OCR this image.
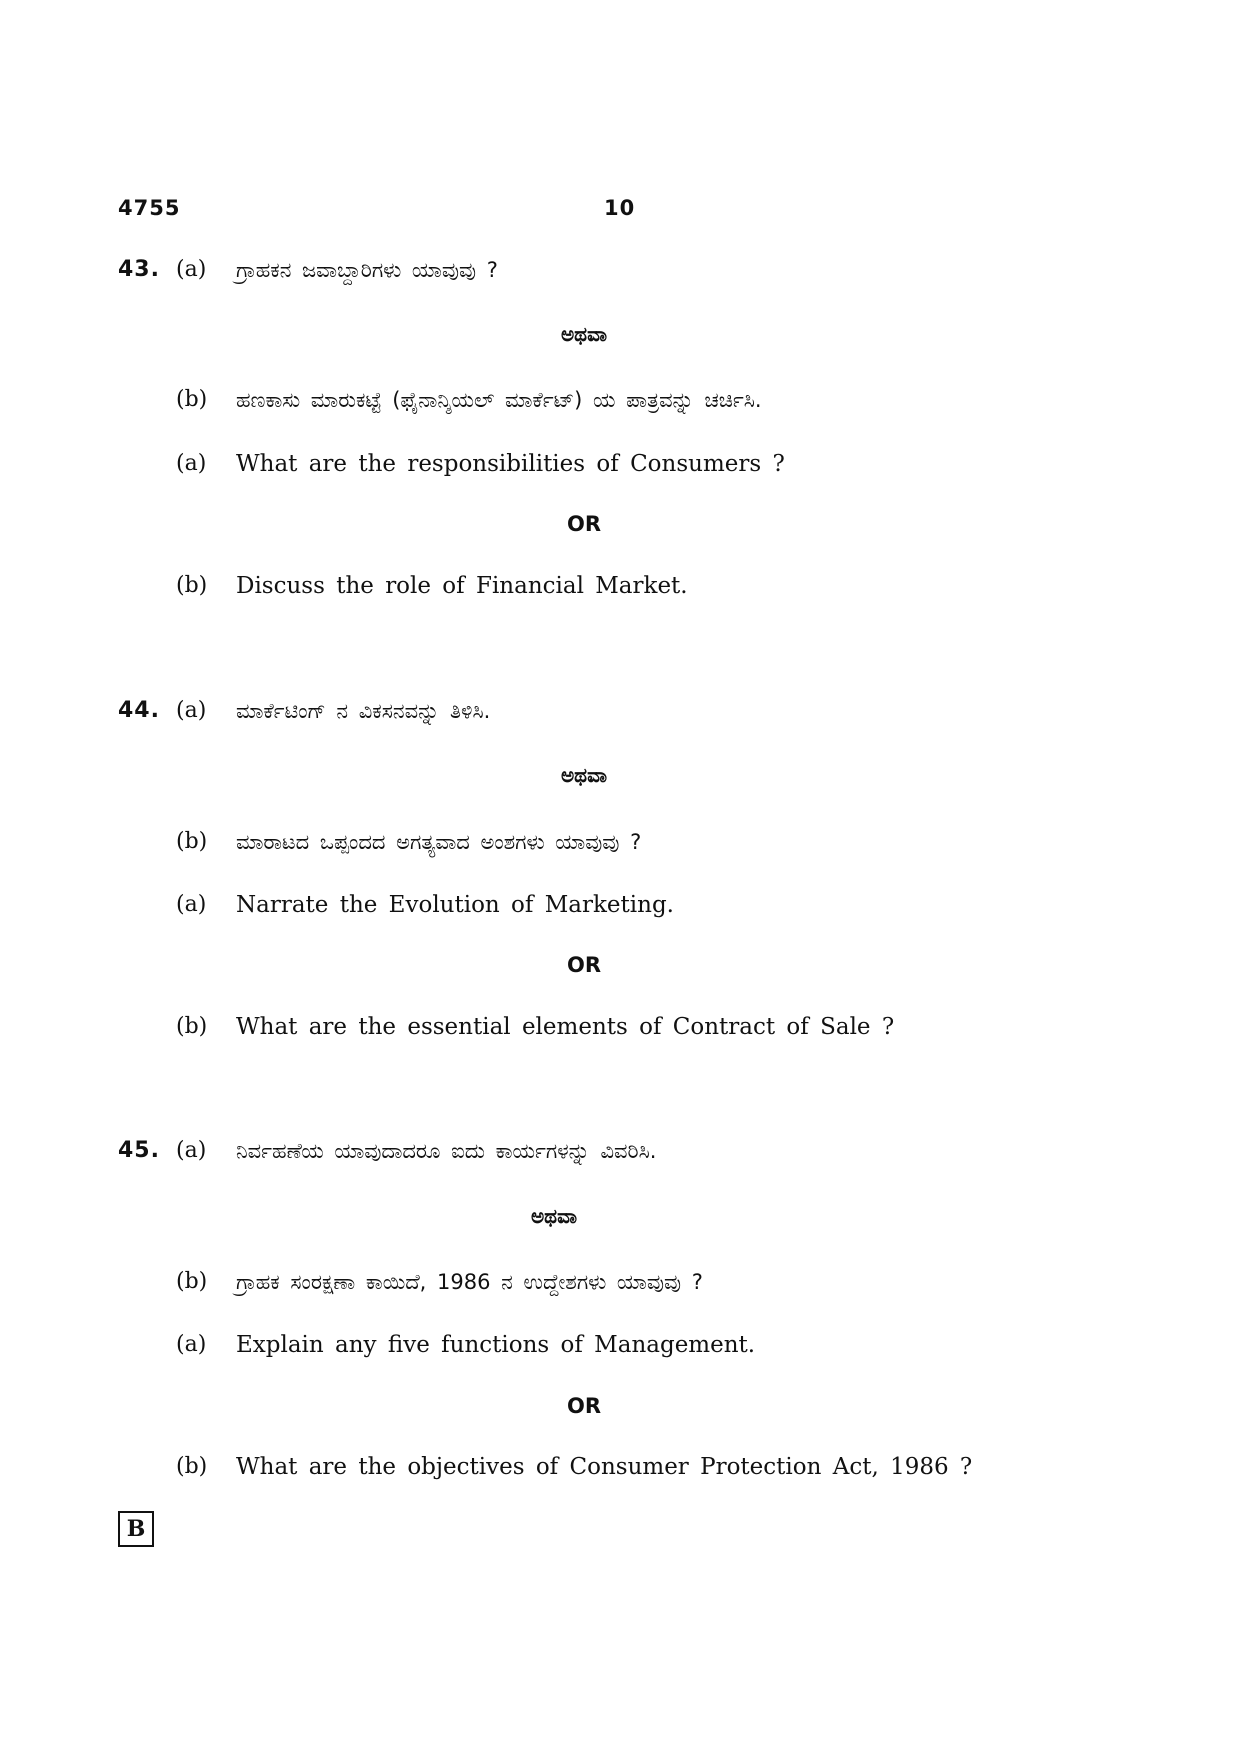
4755	10
43. (a) ಗ್ರಾಹಕನ ಜವಾಬ್ದಾರಿಗಳು ಯಾವುವು ?
ಅಥವಾ
(b) ಹಣಕಾಸು ಮಾರುಕಟ್ಟೆ (ಫೈನಾನ್ಶಿಯಲ್ ಮಾರ್ಕೆಟ್) ಯ ಪಾತ್ರವನ್ನು ಚರ್ಚಿಸಿ.
(a) What are the responsibilities of Consumers ?
OR
(b) Discuss the role of Financial Market.
44. (a) ಮಾರ್ಕೆಟಿಂಗ್ ನ ವಿಕಸನವನ್ನು ತಿಳಿಸಿ.
ಅಥವಾ
(b) ಮಾರಾಟದ ಒಪ್ಪಂದದ ಅಗತ್ಯವಾದ ಅಂಶಗಳು ಯಾವುವು ?
(a) Narrate the Evolution of Marketing.
OR
(b) What are the essential elements of Contract of Sale ?
45. (a) ನಿರ್ವಹಣೆಯ ಯಾವುದಾದರೂ ಐದು ಕಾರ್ಯಗಳನ್ನು ವಿವರಿಸಿ.
ಅಥವಾ
(b) ಗ್ರಾಹಕ ಸಂರಕ್ಷಣಾ ಕಾಯಿದೆ, 1986 ನ ಉದ್ದೇಶಗಳು ಯಾವುವು ?
(a) Explain any five functions of Management.
OR
(b) What are the objectives of Consumer Protection Act, 1986 ?
B
